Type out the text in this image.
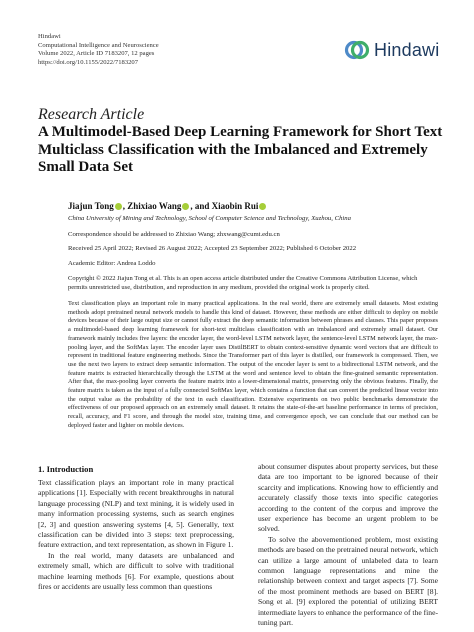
Hindawi
Computational Intelligence and Neuroscience
Volume 2022, Article ID 7183207, 12 pages
https://doi.org/10.1155/2022/7183207
Hindawi
Research Article
A Multimodel-Based Deep Learning Framework for Short Text Multiclass Classification with the Imbalanced and Extremely Small Data Set
Jiajun Tong , Zhixiao Wang , and Xiaobin Rui
China University of Mining and Technology, School of Computer Science and Technology, Xuzhou, China
Correspondence should be addressed to Zhixiao Wang; zhxwang@cumt.edu.cn
Received 25 April 2022; Revised 26 August 2022; Accepted 23 September 2022; Published 6 October 2022
Academic Editor: Andrea Loddo
Copyright © 2022 Jiajun Tong et al. This is an open access article distributed under the Creative Commons Attribution License, which permits unrestricted use, distribution, and reproduction in any medium, provided the original work is properly cited.
Text classification plays an important role in many practical applications. In the real world, there are extremely small datasets. Most existing methods adopt pretrained neural network models to handle this kind of dataset. However, these methods are either difficult to deploy on mobile devices because of their large output size or cannot fully extract the deep semantic information between phrases and clauses. This paper proposes a multimodel-based deep learning framework for short-text multiclass classification with an imbalanced and extremely small dataset. Our framework mainly includes five layers: the encoder layer, the word-level LSTM network layer, the sentence-level LSTM network layer, the max-pooling layer, and the SoftMax layer. The encoder layer uses DistilBERT to obtain context-sensitive dynamic word vectors that are difficult to represent in traditional feature engineering methods. Since the Transformer part of this layer is distilled, our framework is compressed. Then, we use the next two layers to extract deep semantic information. The output of the encoder layer is sent to a bidirectional LSTM network, and the feature matrix is extracted hierarchically through the LSTM at the word and sentence level to obtain the fine-grained semantic representation. After that, the max-pooling layer converts the feature matrix into a lower-dimensional matrix, preserving only the obvious features. Finally, the feature matrix is taken as the input of a fully connected SoftMax layer, which contains a function that can convert the predicted linear vector into the output value as the probability of the text in each classification. Extensive experiments on two public benchmarks demonstrate the effectiveness of our proposed approach on an extremely small dataset. It retains the state-of-the-art baseline performance in terms of precision, recall, accuracy, and F1 score, and through the model size, training time, and convergence epoch, we can conclude that our method can be deployed faster and lighter on mobile devices.
1. Introduction

Text classification plays an important role in many practical applications [1]. Especially with recent breakthroughs in natural language processing (NLP) and text mining, it is widely used in many information processing systems, such as search engines [2, 3] and question answering systems [4, 5]. Generally, text classification can be divided into 3 steps: text preprocessing, feature extraction, and text representation, as shown in Figure 1.

In the real world, many datasets are unbalanced and extremely small, which are difficult to solve with traditional machine learning methods [6]. For example, questions about fires or accidents are usually less common than questions

about consumer disputes about property services, but these data are too important to be ignored because of their scarcity and implications. Knowing how to efficiently and accurately classify those texts into specific categories according to the content of the corpus and improve the user experience has become an urgent problem to be solved.

To solve the abovementioned problem, most existing methods are based on the pretrained neural network, which can utilize a large amount of unlabeled data to learn common language representations and mine the relationship between context and target aspects [7]. Some of the most prominent methods are based on BERT [8]. Song et al. [9] explored the potential of utilizing BERT intermediate layers to enhance the performance of the fine-tuning part.
